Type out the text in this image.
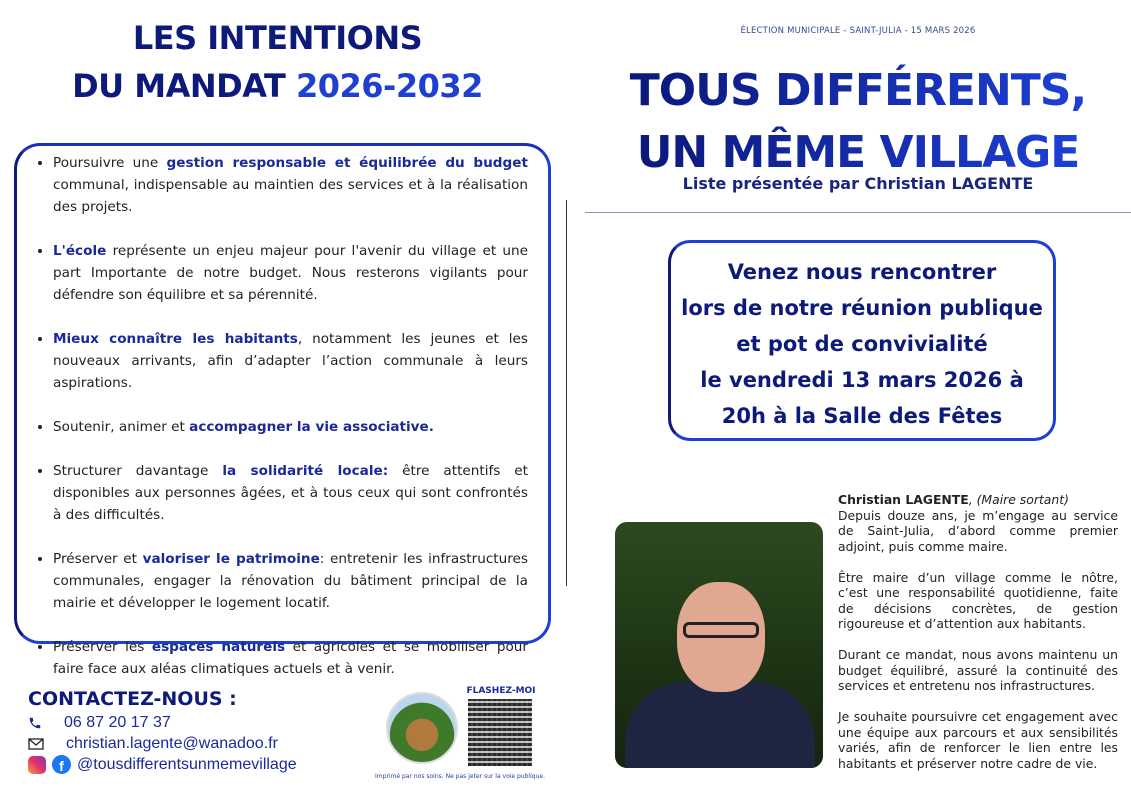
LES INTENTIONS
DU MANDAT 2026-2032
• Poursuivre une gestion responsable et équilibrée du budget communal, indispensable au maintien des services et à la réalisation des projets.
• L'école représente un enjeu majeur pour l'avenir du village et une part Importante de notre budget. Nous resterons vigilants pour défendre son équilibre et sa pérennité.
• Mieux connaître les habitants, notamment les jeunes et les nouveaux arrivants, afin d’adapter l’action communale à leurs aspirations.
• Soutenir, animer et accompagner la vie associative.
• Structurer davantage la solidarité locale: être attentifs et disponibles aux personnes âgées, et à tous ceux qui sont confrontés à des difficultés.
• Préserver et valoriser le patrimoine: entretenir les infrastructures communales, engager la rénovation du bâtiment principal de la mairie et développer le logement locatif.
• Préserver les espaces naturels et agricoles et se mobiliser pour faire face aux aléas climatiques actuels et à venir.
CONTACTEZ-NOUS :
06 87 20 17 37
christian.lagente@wanadoo.fr
f @tousdifferentsunmemevillage
FLASHEZ-MOI
Imprimé par nos soins. Ne pas jeter sur la voie publique.
ÉLECTION MUNICIPALE - SAINT-JULIA - 15 MARS 2026
TOUS DIFFÉRENTS,
UN MÊME VILLAGE
Liste présentée par Christian LAGENTE
Venez nous rencontrer
lors de notre réunion publique
et pot de convivialité
le vendredi 13 mars 2026 à
20h à la Salle des Fêtes
Christian LAGENTE, (Maire sortant)

Depuis douze ans, je m’engage au service de Saint-Julia, d’abord comme premier adjoint, puis comme maire.

Être maire d’un village comme le nôtre, c’est une responsabilité quotidienne, faite de décisions concrètes, de gestion rigoureuse et d’attention aux habitants.

Durant ce mandat, nous avons maintenu un budget équilibré, assuré la continuité des services et entretenu nos infrastructures.

Je souhaite poursuivre cet engagement avec une équipe aux parcours et aux sensibilités variés, afin de renforcer le lien entre les habitants et préserver notre cadre de vie.
